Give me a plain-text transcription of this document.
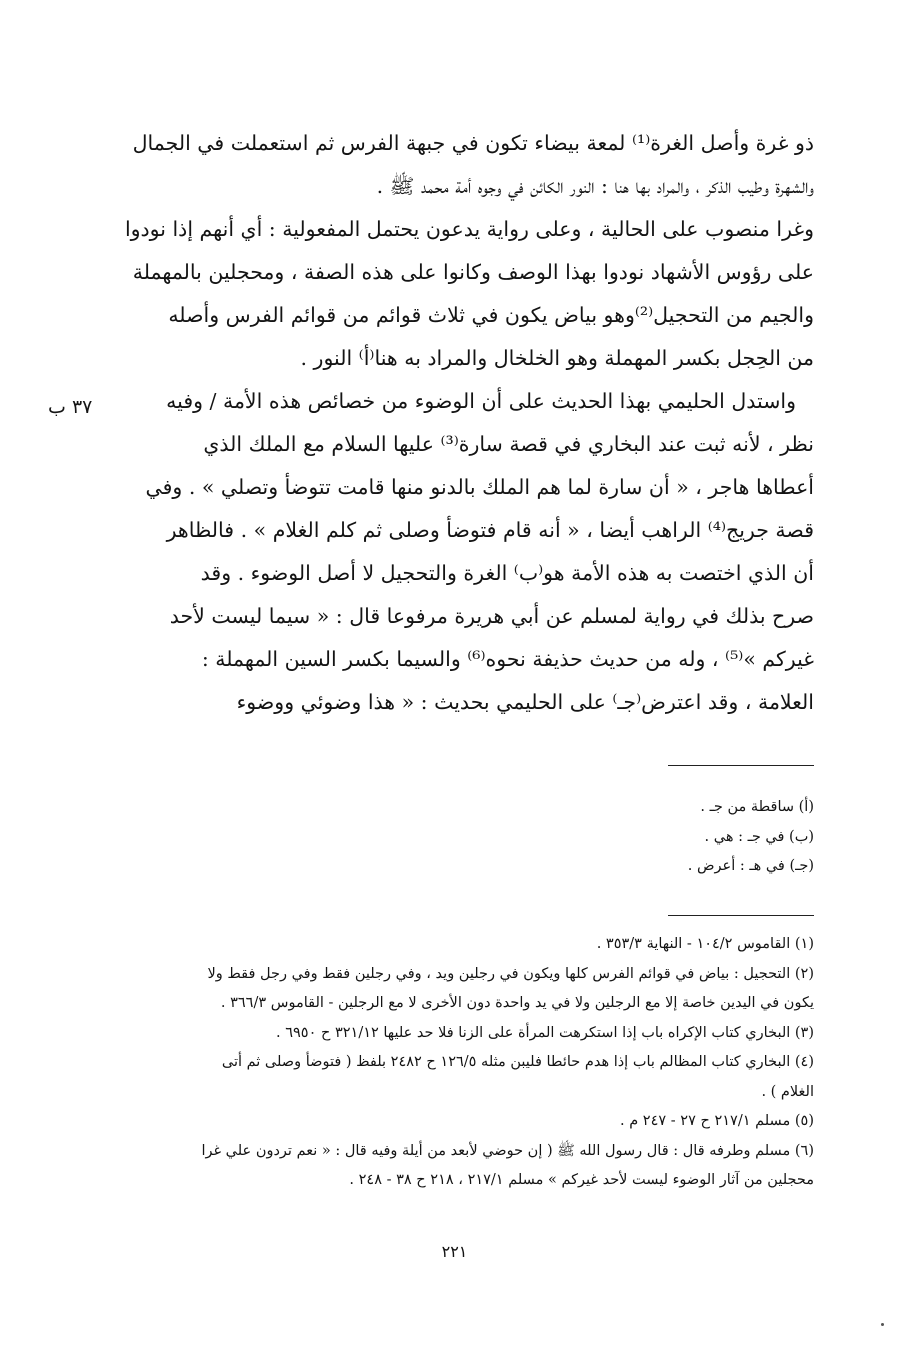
ذو غرة وأصل الغرة⁽¹⁾ لمعة بيضاء تكون في جبهة الفرس ثم استعملت في الجمال
والشهرة وطيب الذكر ، والمراد بها هنا : النور الكائن في وجوه أمة محمد ﷺ .
وغرا منصوب على الحالية ، وعلى رواية يدعون يحتمل المفعولية : أي أنهم إذا نودوا
على رؤوس الأشهاد نودوا بهذا الوصف وكانوا على هذه الصفة ، ومحجلين بالمهملة
والجيم من التحجيل⁽²⁾وهو بياض يكون في ثلاث قوائم من قوائم الفرس وأصله
من الحِجل بكسر المهملة وهو الخلخال والمراد به هنا⁽أ⁾ النور .
واستدل الحليمي بهذا الحديث على أن الوضوء من خصائص هذه الأمة / وفيه
نظر ، لأنه ثبت عند البخاري في قصة سارة⁽³⁾ عليها السلام مع الملك الذي
أعطاها هاجر ، « أن سارة لما هم الملك بالدنو منها قامت تتوضأ وتصلي » . وفي
قصة جريج⁽⁴⁾ الراهب أيضا ، « أنه قام فتوضأ وصلى ثم كلم الغلام » . فالظاهر
أن الذي اختصت به هذه الأمة هو⁽ب⁾ الغرة والتحجيل لا أصل الوضوء . وقد
صرح بذلك في رواية لمسلم عن أبي هريرة مرفوعا قال : « سيما ليست لأحد
غيركم »⁽⁵⁾ ، وله من حديث حذيفة نحوه⁽⁶⁾ والسيما بكسر السين المهملة :
العلامة ، وقد اعترض⁽جـ⁾ على الحليمي بحديث : « هذا وضوئي ووضوء
٣٧ ب
(أ) ساقطة من جـ .
(ب) في جـ : هي .
(جـ) في هـ : أعرض .
(١) القاموس ١٠٤/٢ - النهاية ٣٥٣/٣ .
(٢) التحجيل : بياض في قوائم الفرس كلها ويكون في رجلين ويد ، وفي رجلين فقط وفي رجل فقط ولا
يكون في اليدين خاصة إلا مع الرجلين ولا في يد واحدة دون الأخرى لا مع الرجلين - القاموس ٣٦٦/٣ .
(٣) البخاري كتاب الإكراه باب إذا استكرهت المرأة على الزنا فلا حد عليها ٣٢١/١٢ ح ٦٩٥٠ .
(٤) البخاري كتاب المظالم باب إذا هدم حائطا فليبن مثله ١٢٦/٥ ح ٢٤٨٢ بلفظ ( فتوضأ وصلى ثم أتى
الغلام ) .
(٥) مسلم ٢١٧/١ ح ٢٧ - ٢٤٧ م .
(٦) مسلم وطرفه قال : قال رسول الله ﷺ ( إن حوضي لأبعد من أيلة وفيه قال : « نعم تردون علي غرا
محجلين من آثار الوضوء ليست لأحد غيركم » مسلم ٢١٧/١ ، ٢١٨ ح ٣٨ - ٢٤٨ .
٢٢١
